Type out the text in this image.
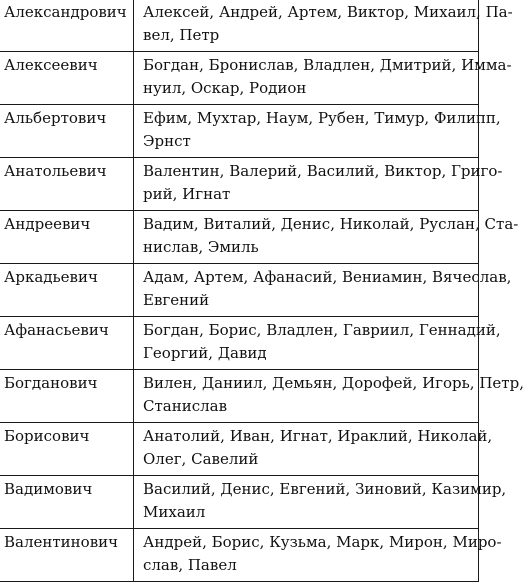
Александрович	Алексей, Андрей, Артем, Виктор, Михаил, Па-
вел, Петр

Алексеевич	Богдан, Бронислав, Владлен, Дмитрий, Имма-
нуил, Оскар, Родион

Альбертович	Ефим, Мухтар, Наум, Рубен, Тимур, Филипп,
Эрнст

Анатольевич	Валентин, Валерий, Василий, Виктор, Григо-
рий, Игнат

Андреевич	Вадим, Виталий, Денис, Николай, Руслан, Ста-
нислав, Эмиль

Аркадьевич	Адам, Артем, Афанасий, Вениамин, Вячеслав,
Евгений

Афанасьевич	Богдан, Борис, Владлен, Гавриил, Геннадий,
Георгий, Давид

Богданович	Вилен, Даниил, Демьян, Дорофей, Игорь, Петр,
Станислав

Борисович	Анатолий, Иван, Игнат, Ираклий, Николай,
Олег, Савелий

Вадимович	Василий, Денис, Евгений, Зиновий, Казимир,
Михаил

Валентинович	Андрей, Борис, Кузьма, Марк, Мирон, Миро-
слав, Павел
